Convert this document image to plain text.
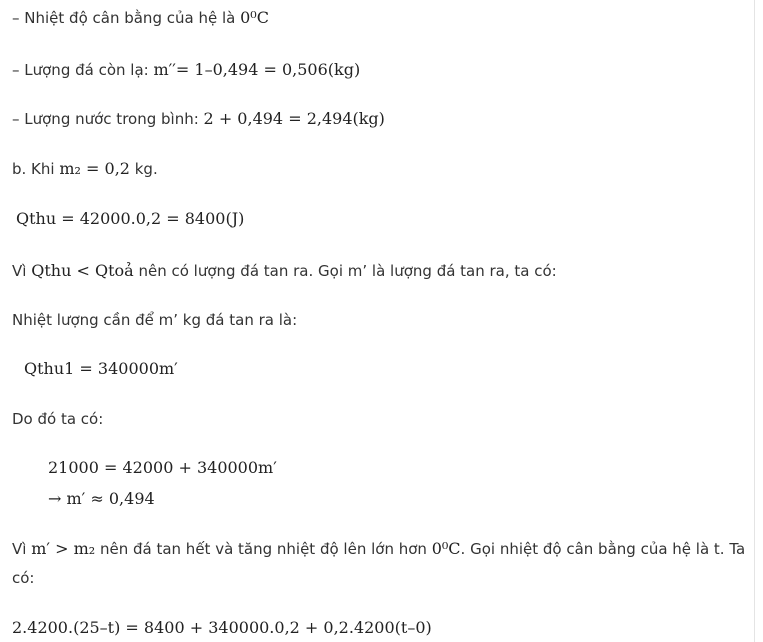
– Nhiệt độ cân bằng của hệ là 0⁰C
– Lượng đá còn lạ: m′′= 1–0,494 = 0,506(kg)
– Lượng nước trong bình: 2 + 0,494 = 2,494(kg)
b. Khi m₂ = 0,2 kg.
Qthu = 42000.0,2 = 8400(J)
Vì Qthu < Qtoả nên có lượng đá tan ra. Gọi m’ là lượng đá tan ra, ta có:
Nhiệt lượng cần để m’ kg đá tan ra là:
Qthu1 = 340000m′
Do đó ta có:
21000 = 42000 + 340000m′
→ m′ ≈ 0,494
Vì m′ > m₂ nên đá tan hết và tăng nhiệt độ lên lớn hơn 0⁰C. Gọi nhiệt độ cân bằng của hệ là t. Ta
có:
2.4200.(25–t) = 8400 + 340000.0,2 + 0,2.4200(t–0)
